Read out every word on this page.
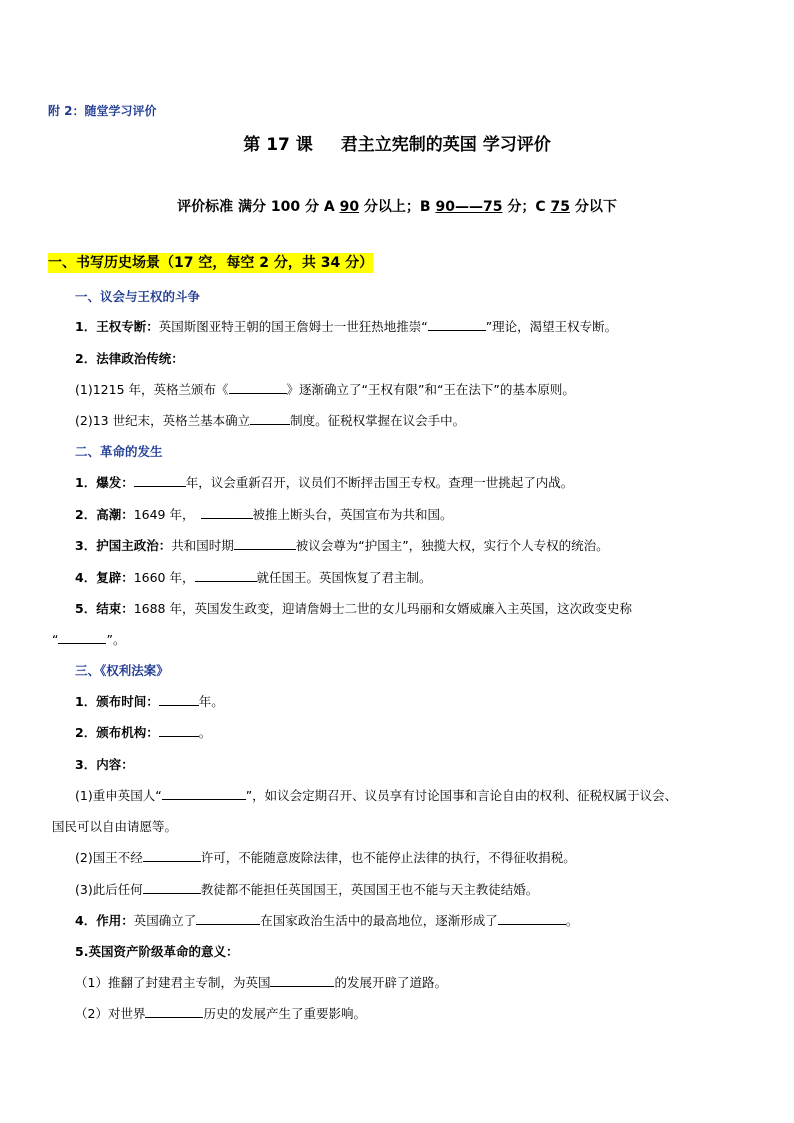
附 2：随堂学习评价
第 17 课 君主立宪制的英国 学习评价
评价标准 满分 100 分 A 90 分以上；B 90——75 分；C 75 分以下
一、书写历史场景（17 空，每空 2 分，共 34 分）
一、议会与王权的斗争
1．王权专断：英国斯图亚特王朝的国王詹姆士一世狂热地推崇“	”理论，渴望王权专断。
2．法律政治传统：
(1)1215 年，英格兰颁布《	》逐渐确立了“王权有限”和“王在法下”的基本原则。
(2)13 世纪末，英格兰基本确立	制度。征税权掌握在议会手中。
二、革命的发生
1．爆发：	年，议会重新召开，议员们不断抨击国王专权。查理一世挑起了内战。
2．高潮：1649 年，	被推上断头台，英国宣布为共和国。
3．护国主政治：共和国时期	被议会尊为“护国主”，独揽大权，实行个人专权的统治。
4．复辟：1660 年，	就任国王。英国恢复了君主制。
5．结束：1688 年，英国发生政变，迎请詹姆士二世的女儿玛丽和女婿威廉入主英国，这次政变史称
“	”。
三、《权利法案》
1．颁布时间：	年。
2．颁布机构：	。
3．内容：
(1)重申英国人“	”，如议会定期召开、议员享有讨论国事和言论自由的权利、征税权属于议会、
国民可以自由请愿等。
(2)国王不经	许可，不能随意废除法律，也不能停止法律的执行，不得征收捐税。
(3)此后任何	教徒都不能担任英国国王，英国国王也不能与天主教徒结婚。
4．作用：英国确立了	在国家政治生活中的最高地位，逐渐形成了	。
5.英国资产阶级革命的意义：
（1）推翻了封建君主专制，为英国	的发展开辟了道路。
（2）对世界	历史的发展产生了重要影响。
